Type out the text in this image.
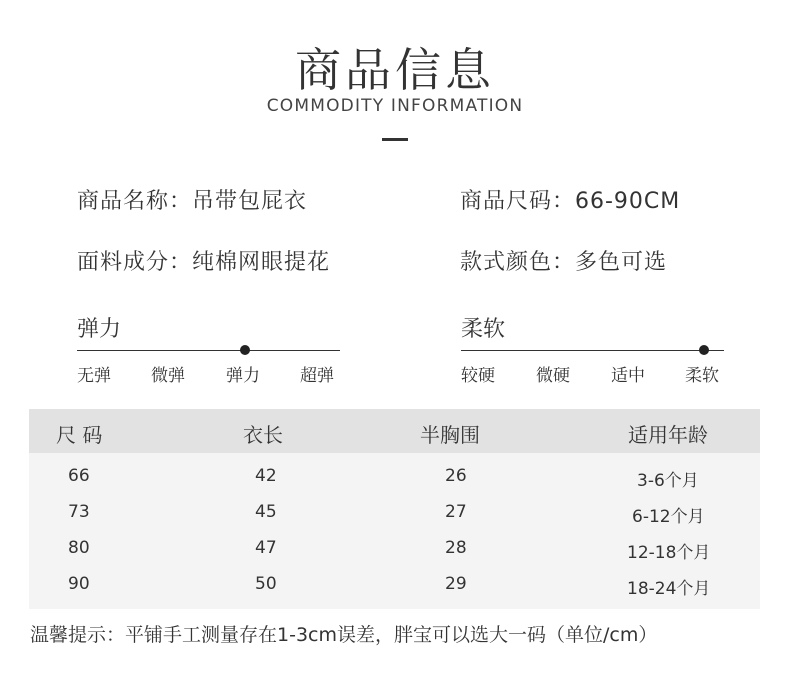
商品信息
COMMODITY INFORMATION
商品名称：吊带包屁衣	商品尺码：66-90CM
面料成分：纯棉网眼提花	款式颜色：多色可选
弹力
无弹 微弹 弹力 超弹
柔软
较硬 微硬 适中 柔软
尺 码	衣长	半胸围	适用年龄
66	42	26	3-6个月
73	45	27	6-12个月
80	47	28	12-18个月
90	50	29	18-24个月
温馨提示：平铺手工测量存在1-3cm误差，胖宝可以选大一码（单位/cm）
